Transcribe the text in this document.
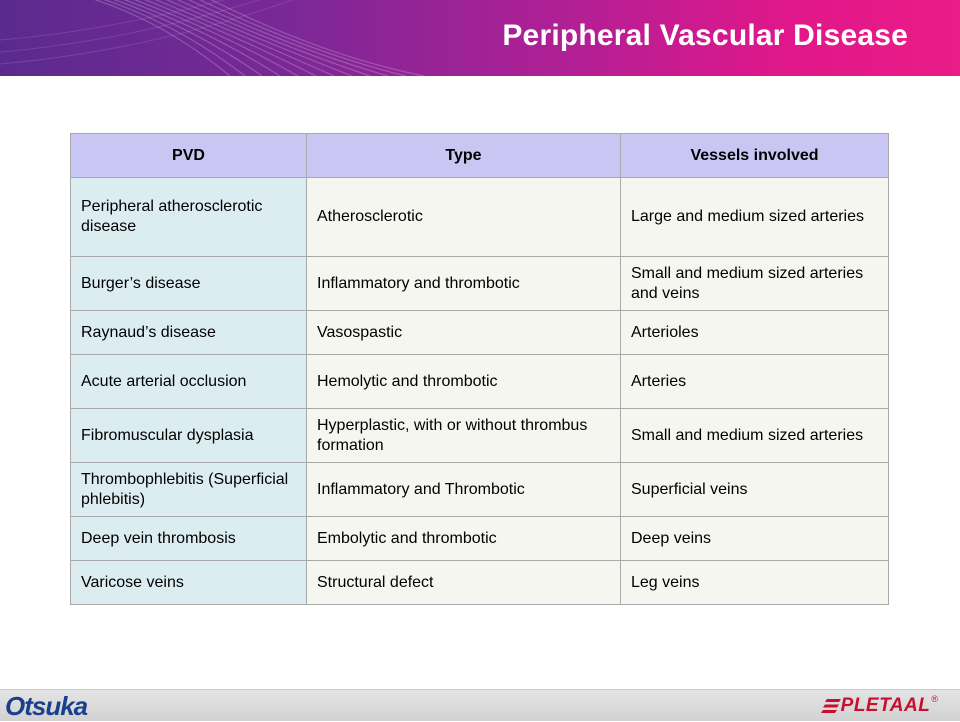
Peripheral Vascular Disease
PVD	Type	Vessels involved
Peripheral atherosclerotic disease	Atherosclerotic	Large and medium sized arteries
Burger’s disease	Inflammatory and thrombotic	Small and medium sized arteries and veins
Raynaud’s disease	Vasospastic	Arterioles
Acute arterial occlusion	Hemolytic and thrombotic	Arteries
Fibromuscular dysplasia	Hyperplastic, with or without thrombus formation	Small and medium sized arteries
Thrombophlebitis (Superficial phlebitis)	Inflammatory and Thrombotic	Superficial veins
Deep vein thrombosis	Embolytic and thrombotic	Deep veins
Varicose veins	Structural defect	Leg veins
Otsuka	PLETAAL ®
